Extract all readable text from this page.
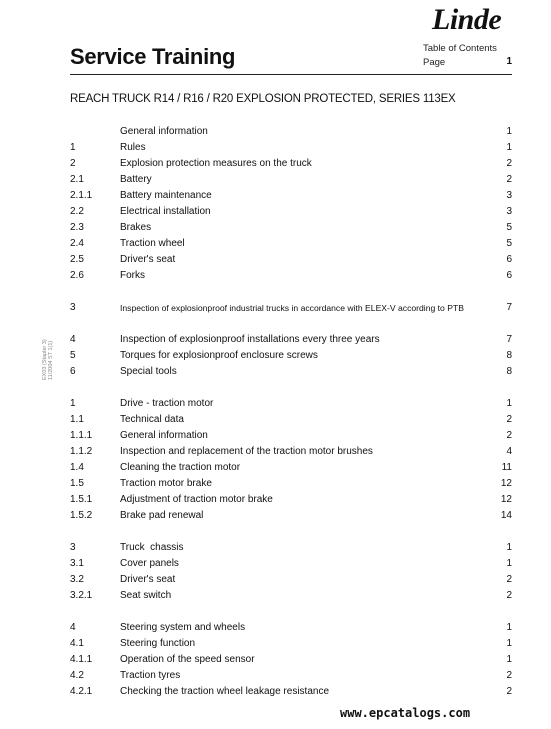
Linde
Service Training	Table of Contents
Page	1
REACH TRUCK R14 / R16 / R20 EXPLOSION PROTECTED, SERIES 113EX
General information	1
1	Rules	1
2	Explosion protection measures on the truck	2
2.1	Battery	2
2.1.1	Battery maintenance	3
2.2	Electrical installation	3
2.3	Brakes	5
2.4	Traction wheel	5
2.5	Driver's seat	6
2.6	Forks	6
3	Inspection of explosionproof industrial trucks in accordance with ELEX-V according to PTB	7
4	Inspection of explosionproof installations every three years	7
5	Torques for explosionproof enclosure screws	8
6	Special tools	8
1	Drive - traction motor	1
1.1	Technical data	2
1.1.1	General information	2
1.1.2	Inspection and replacement of the traction motor brushes	4
1.4	Cleaning the traction motor	11
1.5	Traction motor brake	12
1.5.1	Adjustment of traction motor brake	12
1.5.2	Brake pad renewal	14
3	Truck  chassis	1
3.1	Cover panels	1
3.2	Driver's seat	2
3.2.1	Seat switch	2
4	Steering system and wheels	1
4.1	Steering function	1
4.1.1	Operation of the speed sensor	1
4.2	Traction tyres	2
4.2.1	Checking the traction wheel leakage resistance	2
EX03 (Stapler 3) 11/2004 ST 1(1)
www.epcatalogs.com
